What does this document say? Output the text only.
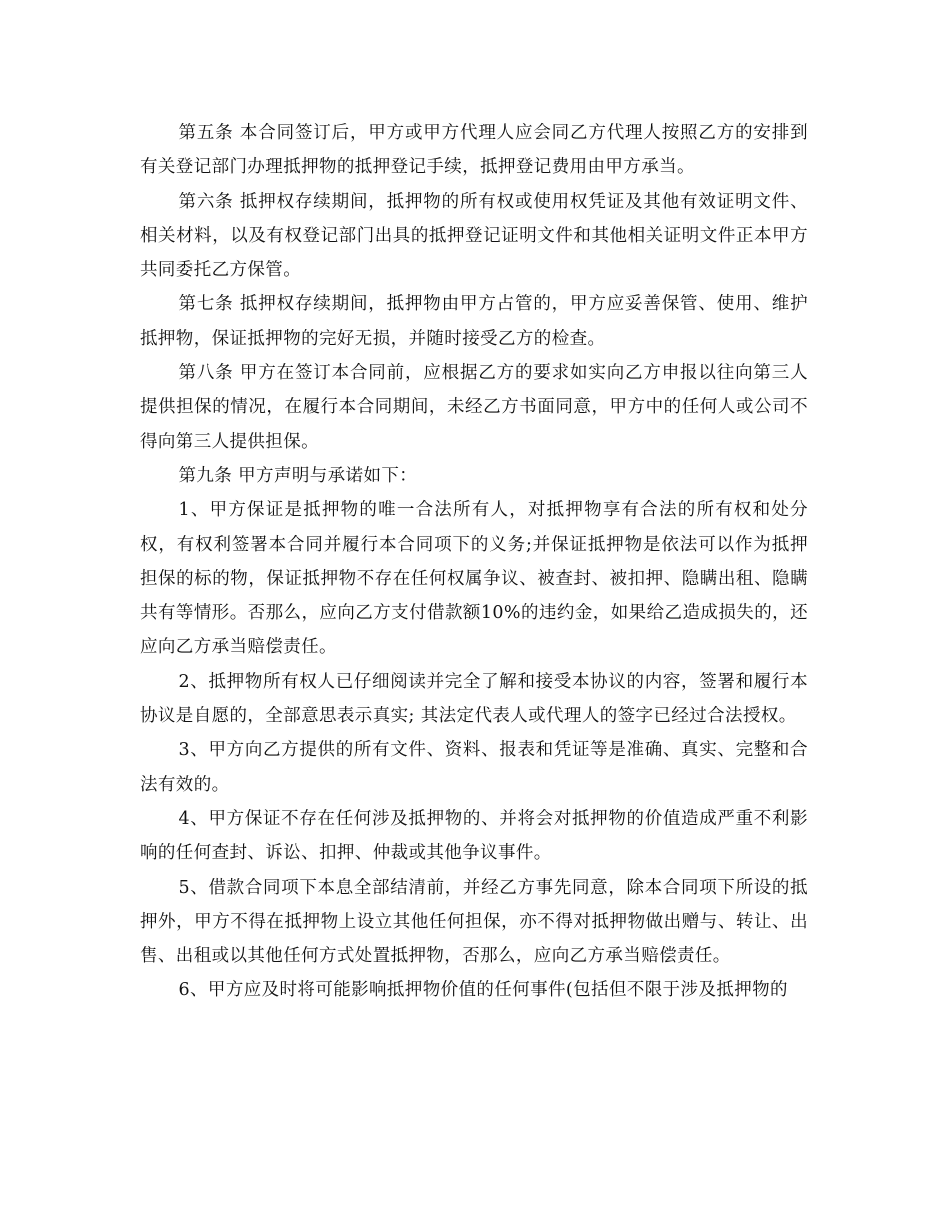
第五条 本合同签订后，甲方或甲方代理人应会同乙方代理人按照乙方的安排到有关登记部门办理抵押物的抵押登记手续，抵押登记费用由甲方承当。

第六条 抵押权存续期间，抵押物的所有权或使用权凭证及其他有效证明文件、相关材料，以及有权登记部门出具的抵押登记证明文件和其他相关证明文件正本甲方共同委托乙方保管。

第七条 抵押权存续期间，抵押物由甲方占管的，甲方应妥善保管、使用、维护抵押物，保证抵押物的完好无损，并随时接受乙方的检查。

第八条 甲方在签订本合同前，应根据乙方的要求如实向乙方申报以往向第三人提供担保的情况，在履行本合同期间，未经乙方书面同意，甲方中的任何人或公司不得向第三人提供担保。

第九条 甲方声明与承诺如下：

1、甲方保证是抵押物的唯一合法所有人，对抵押物享有合法的所有权和处分权，有权利签署本合同并履行本合同项下的义务;并保证抵押物是依法可以作为抵押担保的标的物，保证抵押物不存在任何权属争议、被查封、被扣押、隐瞒出租、隐瞒共有等情形。否那么，应向乙方支付借款额10%的违约金，如果给乙造成损失的，还应向乙方承当赔偿责任。

2、抵押物所有权人已仔细阅读并完全了解和接受本协议的内容，签署和履行本协议是自愿的，全部意思表示真实; 其法定代表人或代理人的签字已经过合法授权。

3、甲方向乙方提供的所有文件、资料、报表和凭证等是准确、真实、完整和合法有效的。

4、甲方保证不存在任何涉及抵押物的、并将会对抵押物的价值造成严重不利影响的任何查封、诉讼、扣押、仲裁或其他争议事件。

5、借款合同项下本息全部结清前，并经乙方事先同意，除本合同项下所设的抵押外，甲方不得在抵押物上设立其他任何担保，亦不得对抵押物做出赠与、转让、出售、出租或以其他任何方式处置抵押物，否那么，应向乙方承当赔偿责任。

6、甲方应及时将可能影响抵押物价值的任何事件(包括但不限于涉及抵押物的
